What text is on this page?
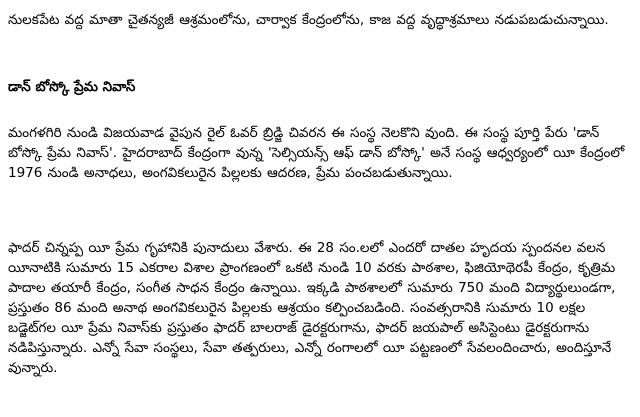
నులకపేట వద్ద మాతా చైతన్యజీ ఆశ్రమంలోను, చార్వాక కేంద్రంలోను, కాజ వద్ద వృద్ధాశ్రమాలు నడుపబడుచున్నాయి.

డాన్ బోస్కో ప్రేమ నివాస్

మంగళగిరి నుండి విజయవాడ వైపున రైల్ ఓవర్ బ్రిడ్జి చివరన ఈ సంస్థ నెలకొని వుంది. ఈ సంస్థ పూర్తి పేరు 'డాన్ బోస్కో ప్రేమ నివాస్'. హైదరాబాద్ కేంద్రంగా వున్న 'సెల్సియన్స్ ఆఫ్ డాన్ బోస్కో' అనే సంస్థ ఆధ్వర్యంలో యీ కేంద్రంలో 1976 నుండి అనాధలు, అంగవికలురైన పిల్లలకు ఆదరణ, ప్రేమ పంచబడుతున్నాయి.

ఫాదర్ చిన్నప్ప యీ ప్రేమ గృహానికి పునాదులు వేశారు. ఈ 28 సం.లలో ఎందరో దాతల హృదయ స్పందనల వలన యీనాటికి సుమారు 15 ఎకరాల విశాల ప్రాంగణంలో ఒకటి నుండి 10 వరకు పాఠశాల, ఫిజియోథెరపీ కేంద్రం, కృత్రిమ పాదాల తయారీ కేంద్రం, సంగీత సాధన కేంద్రం ఉన్నాయి. ఇక్కడి పాఠశాలలో సుమారు 750 మంది విద్యార్థులుండగా, ప్రస్తుతం 86 మంది అనాథ అంగవికలురైన పిల్లలకు ఆశ్రయం కల్పించబడింది. సంవత్సరానికి సుమారు 10 లక్షల బడ్జెట్‌గల యీ ప్రేమ నివాస్‌కు ప్రస్తుతం ఫాదర్ బాలరాజ్ డైరక్టరుగాను, ఫాదర్ జయపాల్ అసిస్టెంటు డైరక్టరుగాను నడిపిస్తున్నారు. ఎన్నో సేవా సంస్థలు, సేవా తత్పరులు, ఎన్నో రంగాలలో యీ పట్టణంలో సేవలందించారు, అందిస్తూనే వున్నారు.
